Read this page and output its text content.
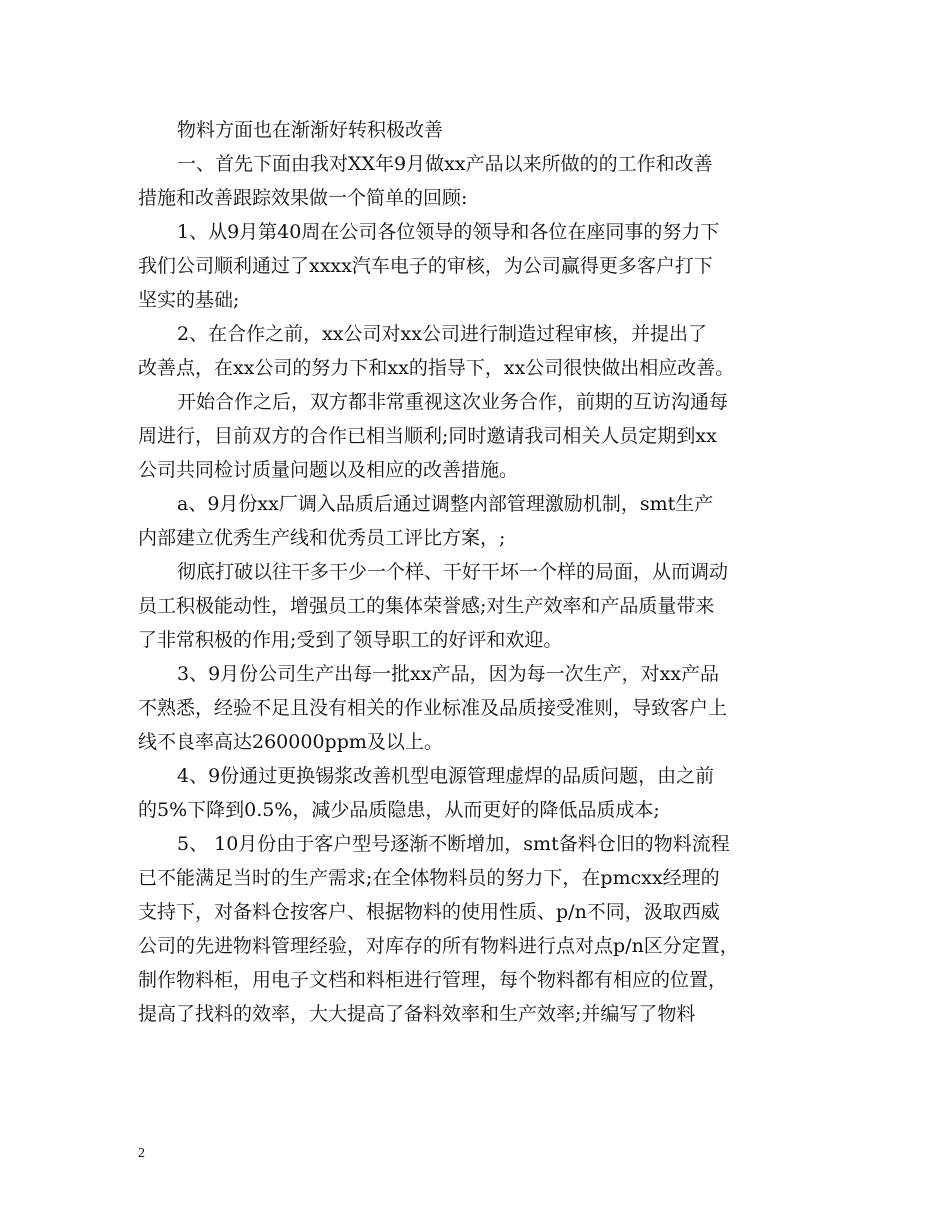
物料方面也在渐渐好转积极改善

一、首先下面由我对XX年9月做xx产品以来所做的的工作和改善
措施和改善跟踪效果做一个简单的回顾:

1、从9月第40周在公司各位领导的领导和各位在座同事的努力下
我们公司顺利通过了xxxx汽车电子的审核，为公司赢得更多客户打下
坚实的基础;

2、在合作之前，xx公司对xx公司进行制造过程审核，并提出了
改善点，在xx公司的努力下和xx的指导下，xx公司很快做出相应改善。

开始合作之后，双方都非常重视这次业务合作，前期的互访沟通每
周进行，目前双方的合作已相当顺利;同时邀请我司相关人员定期到xx
公司共同检讨质量问题以及相应的改善措施。

a、9月份xx厂调入品质后通过调整内部管理激励机制，smt生产
内部建立优秀生产线和优秀员工评比方案，;

彻底打破以往干多干少一个样、干好干坏一个样的局面，从而调动
员工积极能动性，增强员工的集体荣誉感;对生产效率和产品质量带来
了非常积极的作用;受到了领导职工的好评和欢迎。

3、9月份公司生产出每一批xx产品，因为每一次生产，对xx产品
不熟悉，经验不足且没有相关的作业标准及品质接受准则，导致客户上
线不良率高达260000ppm及以上。

4、9份通过更换锡浆改善机型电源管理虚焊的品质问题，由之前
的5%下降到0.5%，减少品质隐患，从而更好的降低品质成本;

5、 10月份由于客户型号逐渐不断增加，smt备料仓旧的物料流程
已不能满足当时的生产需求;在全体物料员的努力下，在pmcxx经理的
支持下，对备料仓按客户、根据物料的使用性质、p/n不同，汲取西威
公司的先进物料管理经验，对库存的所有物料进行点对点p/n区分定置，
制作物料柜，用电子文档和料柜进行管理，每个物料都有相应的位置，
提高了找料的效率，大大提高了备料效率和生产效率;并编写了物料

2
